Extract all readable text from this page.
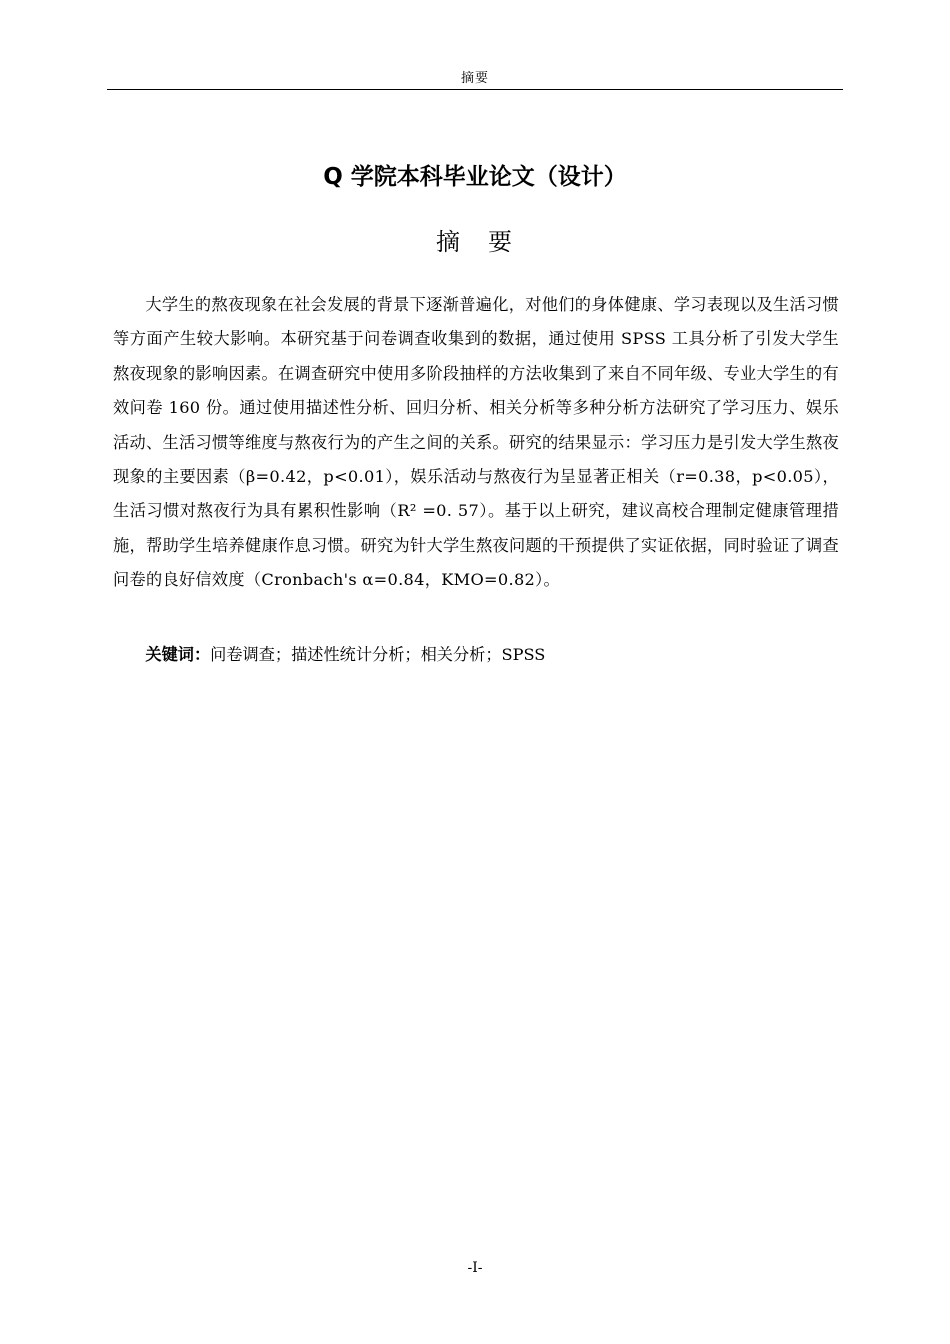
摘要
Q 学院本科毕业论文（设计）
摘　要

大学生的熬夜现象在社会发展的背景下逐渐普遍化，对他们的身体健康、学习表现以及生活习惯等方面产生较大影响。本研究基于问卷调查收集到的数据，通过使用 SPSS 工具分析了引发大学生熬夜现象的影响因素。在调查研究中使用多阶段抽样的方法收集到了来自不同年级、专业大学生的有效问卷 160 份。通过使用描述性分析、回归分析、相关分析等多种分析方法研究了学习压力、娱乐活动、生活习惯等维度与熬夜行为的产生之间的关系。研究的结果显示：学习压力是引发大学生熬夜现象的主要因素（β=0.42，p<0.01），娱乐活动与熬夜行为呈显著正相关（r=0.38，p<0.05），生活习惯对熬夜行为具有累积性影响（R² =0. 57）。基于以上研究，建议高校合理制定健康管理措施，帮助学生培养健康作息习惯。研究为针大学生熬夜问题的干预提供了实证依据，同时验证了调查问卷的良好信效度（Cronbach's α=0.84，KMO=0.82）。

关键词：问卷调查；描述性统计分析；相关分析；SPSS

-I-
